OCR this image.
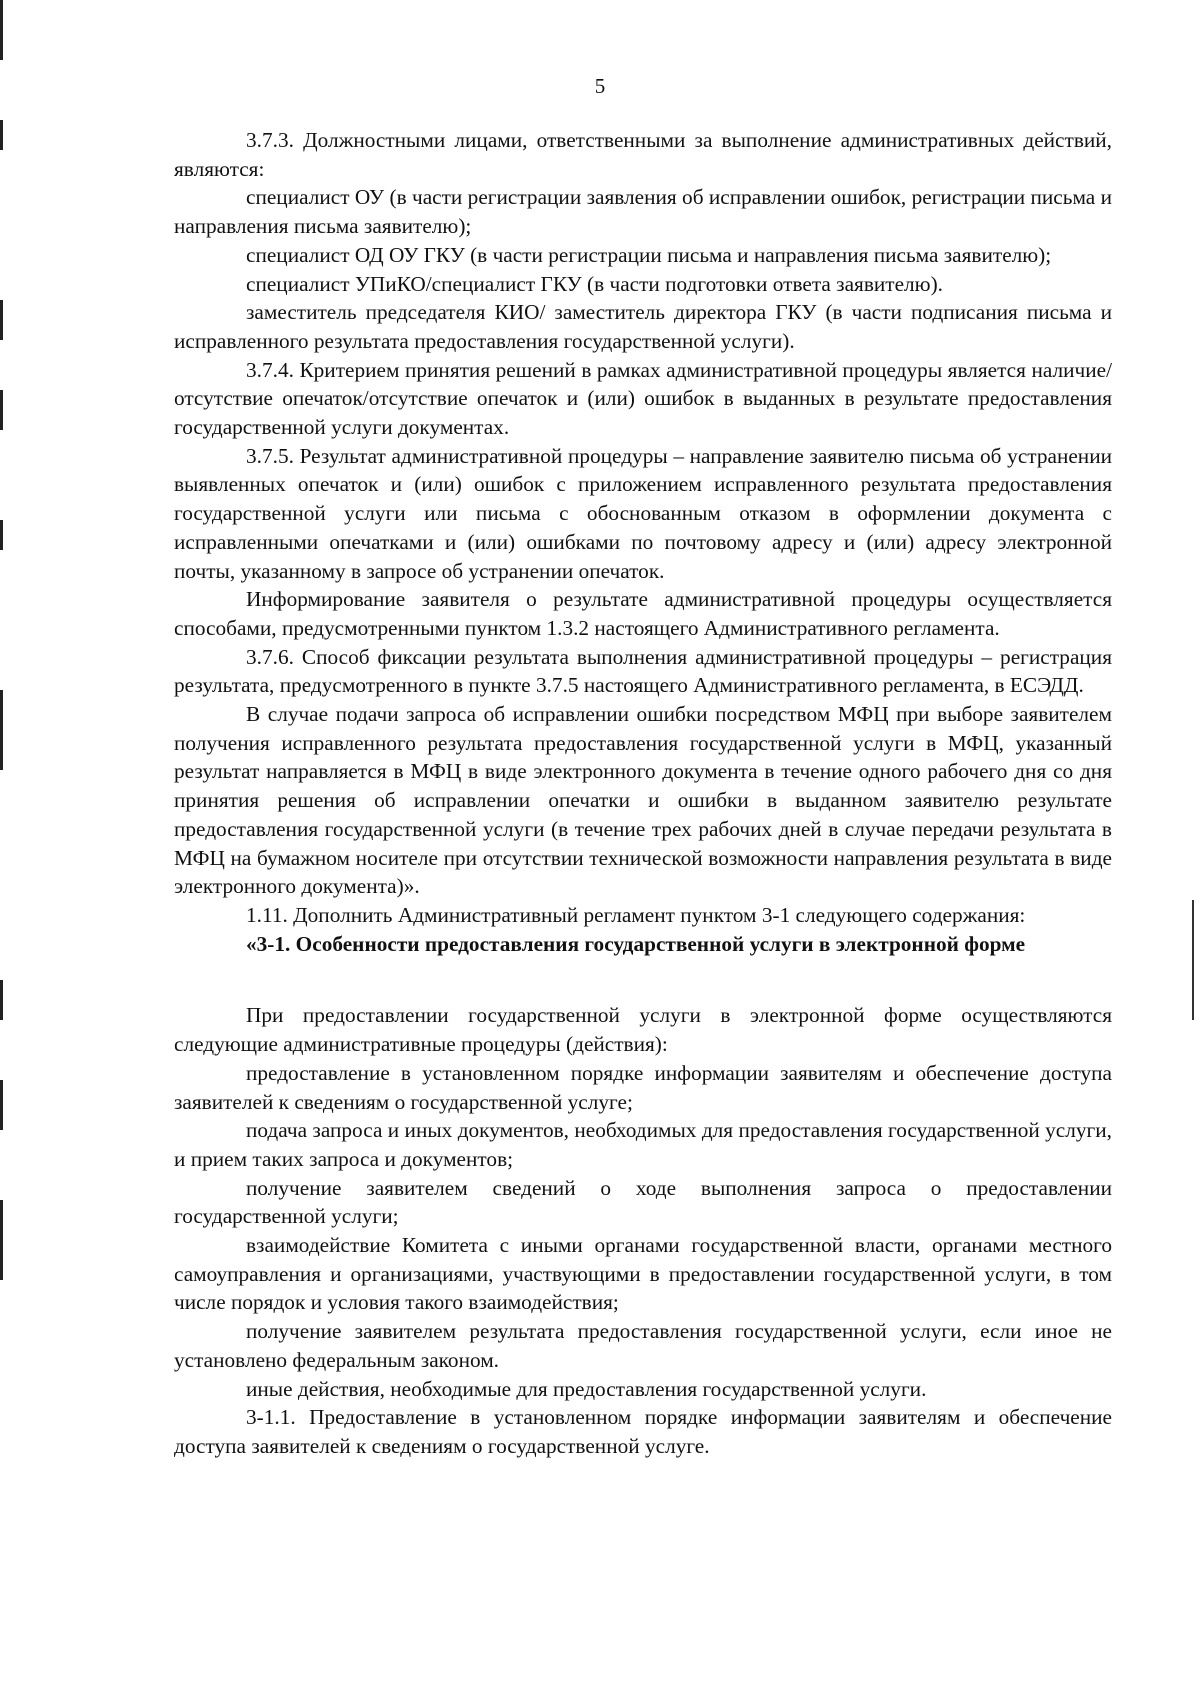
5

3.7.3. Должностными лицами, ответственными за выполнение административных действий, являются:

специалист ОУ (в части регистрации заявления об исправлении ошибок, регистрации письма и направления письма заявителю);

специалист ОД ОУ ГКУ (в части регистрации письма и направления письма заявителю);

специалист УПиКО/специалист ГКУ (в части подготовки ответа заявителю).

заместитель председателя КИО/ заместитель директора ГКУ (в части подписания письма и исправленного результата предоставления государственной услуги).

3.7.4. Критерием принятия решений в рамках административной процедуры является наличие/отсутствие опечаток/отсутствие опечаток и (или) ошибок в выданных в результате предоставления государственной услуги документах.

3.7.5. Результат административной процедуры – направление заявителю письма об устранении выявленных опечаток и (или) ошибок с приложением исправленного результата предоставления государственной услуги или письма с обоснованным отказом в оформлении документа с исправленными опечатками и (или) ошибками по почтовому адресу и (или) адресу электронной почты, указанному в запросе об устранении опечаток.

Информирование заявителя о результате административной процедуры осуществляется способами, предусмотренными пунктом 1.3.2 настоящего Административного регламента.

3.7.6. Способ фиксации результата выполнения административной процедуры – регистрация результата, предусмотренного в пункте 3.7.5 настоящего Административного регламента, в ЕСЭДД.

В случае подачи запроса об исправлении ошибки посредством МФЦ при выборе заявителем получения исправленного результата предоставления государственной услуги в МФЦ, указанный результат направляется в МФЦ в виде электронного документа в течение одного рабочего дня со дня принятия решения об исправлении опечатки и ошибки в выданном заявителю результате предоставления государственной услуги (в течение трех рабочих дней в случае передачи результата в МФЦ на бумажном носителе при отсутствии технической возможности направления результата в виде электронного документа)».

1.11. Дополнить Административный регламент пунктом 3-1 следующего содержания:

«3-1. Особенности предоставления государственной услуги в электронной форме

При предоставлении государственной услуги в электронной форме осуществляются следующие административные процедуры (действия):

предоставление в установленном порядке информации заявителям и обеспечение доступа заявителей к сведениям о государственной услуге;

подача запроса и иных документов, необходимых для предоставления государственной услуги, и прием таких запроса и документов;

получение заявителем сведений о ходе выполнения запроса о предоставлении государственной услуги;

взаимодействие Комитета с иными органами государственной власти, органами местного самоуправления и организациями, участвующими в предоставлении государственной услуги, в том числе порядок и условия такого взаимодействия;

получение заявителем результата предоставления государственной услуги, если иное не установлено федеральным законом.

иные действия, необходимые для предоставления государственной услуги.

3-1.1. Предоставление в установленном порядке информации заявителям и обеспечение доступа заявителей к сведениям о государственной услуге.
